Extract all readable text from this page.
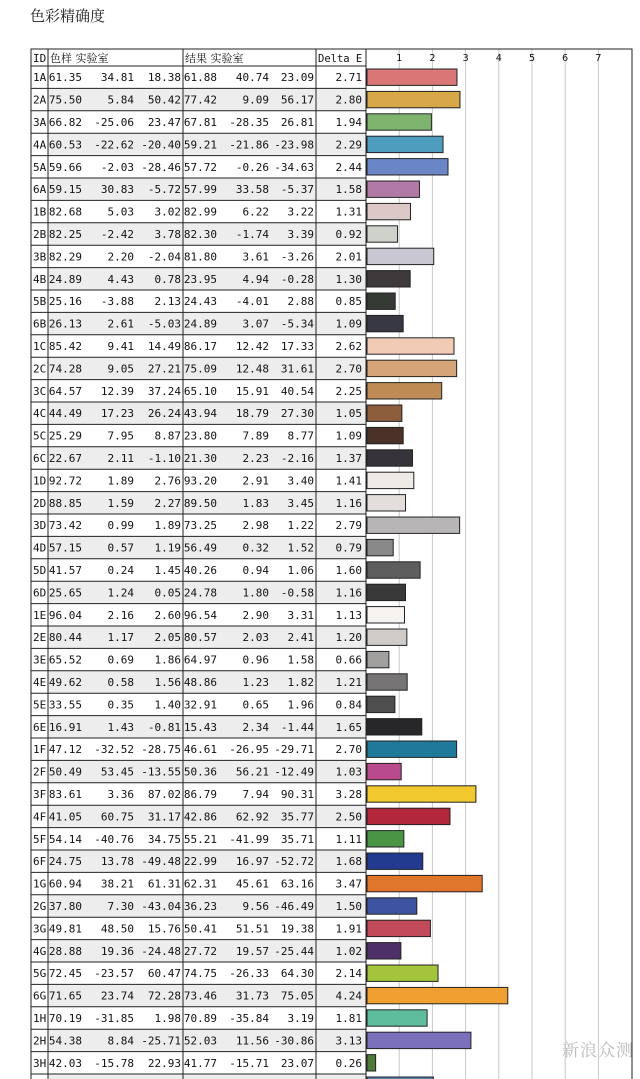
色彩精确度
1	2	3	4	5	6	7
ID 色样 实验室	结果 实验室	Delta E
1A 61.35 34.81 18.38 61.88 40.74 23.09 2.71
2A 75.50 5.84 50.42 77.42 9.09 56.17 2.80
3A 66.82 -25.06 23.47 67.81 -28.35 26.81 1.94
4A 60.53 -22.62 -20.40 59.21 -21.86 -23.98 2.29
5A 59.66 -2.03 -28.46 57.72 -0.26 -34.63 2.44
6A 59.15 30.83 -5.72 57.99 33.58 -5.37 1.58
1B 82.68 5.03 3.02 82.99 6.22 3.22 1.31
2B 82.25 -2.42 3.78 82.30 -1.74 3.39 0.92
3B 82.29 2.20 -2.04 81.80 3.61 -3.26 2.01
4B 24.89 4.43 0.78 23.95 4.94 -0.28 1.30
5B 25.16 -3.88 2.13 24.43 -4.01 2.88 0.85
6B 26.13 2.61 -5.03 24.89 3.07 -5.34 1.09
1C 85.42 9.41 14.49 86.17 12.42 17.33 2.62
2C 74.28 9.05 27.21 75.09 12.48 31.61 2.70
3C 64.57 12.39 37.24 65.10 15.91 40.54 2.25
4C 44.49 17.23 26.24 43.94 18.79 27.30 1.05
5C 25.29 7.95 8.87 23.80 7.89 8.77 1.09
6C 22.67 2.11 -1.10 21.30 2.23 -2.16 1.37
1D 92.72 1.89 2.76 93.20 2.91 3.40 1.41
2D 88.85 1.59 2.27 89.50 1.83 3.45 1.16
3D 73.42 0.99 1.89 73.25 2.98 1.22 2.79
4D 57.15 0.57 1.19 56.49 0.32 1.52 0.79
5D 41.57 0.24 1.45 40.26 0.94 1.06 1.60
6D 25.65 1.24 0.05 24.78 1.80 -0.58 1.16
1E 96.04 2.16 2.60 96.54 2.90 3.31 1.13
2E 80.44 1.17 2.05 80.57 2.03 2.41 1.20
3E 65.52 0.69 1.86 64.97 0.96 1.58 0.66
4E 49.62 0.58 1.56 48.86 1.23 1.82 1.21
5E 33.55 0.35 1.40 32.91 0.65 1.96 0.84
6E 16.91 1.43 -0.81 15.43 2.34 -1.44 1.65
1F 47.12 -32.52 -28.75 46.61 -26.95 -29.71 2.70
2F 50.49 53.45 -13.55 50.36 56.21 -12.49 1.03
3F 83.61 3.36 87.02 86.79 7.94 90.31 3.28
4F 41.05 60.75 31.17 42.86 62.92 35.77 2.50
5F 54.14 -40.76 34.75 55.21 -41.99 35.71 1.11
6F 24.75 13.78 -49.48 22.99 16.97 -52.72 1.68
1G 60.94 38.21 61.31 62.31 45.61 63.16 3.47
2G 37.80 7.30 -43.04 36.23 9.56 -46.49 1.50
3G 49.81 48.50 15.76 50.41 51.51 19.38 1.91
4G 28.88 19.36 -24.48 27.72 19.57 -25.44 1.02
5G 72.45 -23.57 60.47 74.75 -26.33 64.30 2.14
6G 71.65 23.74 72.28 73.46 31.73 75.05 4.24
1H 70.19 -31.85 1.98 70.89 -35.84 3.19 1.81
2H 54.38 8.84 -25.71 52.03 11.56 -30.86 3.13
3H 42.03 -15.78 22.93 41.77 -15.71 23.07 0.26
新浪众测
